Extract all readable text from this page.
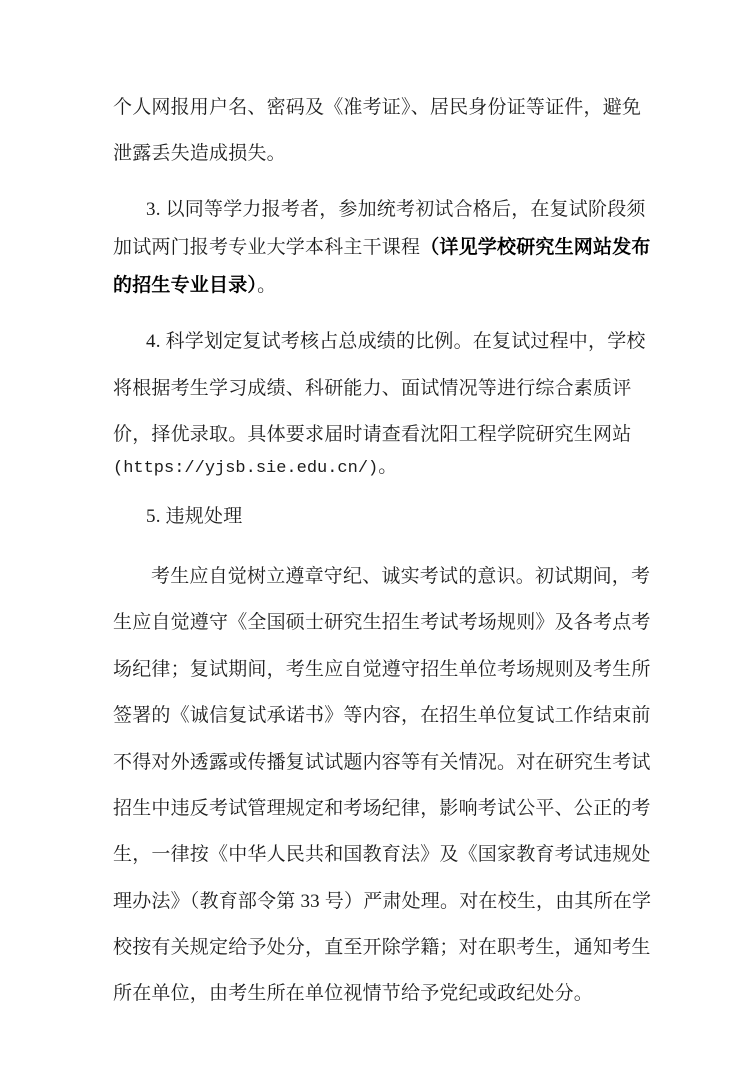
个人网报用户名、密码及《准考证》、居民身份证等证件，避免
泄露丢失造成损失。
3. 以同等学力报考者，参加统考初试合格后，在复试阶段须
加试两门报考专业大学本科主干课程（详见学校研究生网站发布
的招生专业目录）。
4. 科学划定复试考核占总成绩的比例。在复试过程中，学校
将根据考生学习成绩、科研能力、面试情况等进行综合素质评
价，择优录取。具体要求届时请查看沈阳工程学院研究生网站
(https://yjsb.sie.edu.cn/)。
5. 违规处理
考生应自觉树立遵章守纪、诚实考试的意识。初试期间，考
生应自觉遵守《全国硕士研究生招生考试考场规则》及各考点考
场纪律；复试期间，考生应自觉遵守招生单位考场规则及考生所
签署的《诚信复试承诺书》等内容，在招生单位复试工作结束前
不得对外透露或传播复试试题内容等有关情况。对在研究生考试
招生中违反考试管理规定和考场纪律，影响考试公平、公正的考
生，一律按《中华人民共和国教育法》及《国家教育考试违规处
理办法》（教育部令第 33 号）严肃处理。对在校生，由其所在学
校按有关规定给予处分，直至开除学籍；对在职考生，通知考生
所在单位，由考生所在单位视情节给予党纪或政纪处分。
